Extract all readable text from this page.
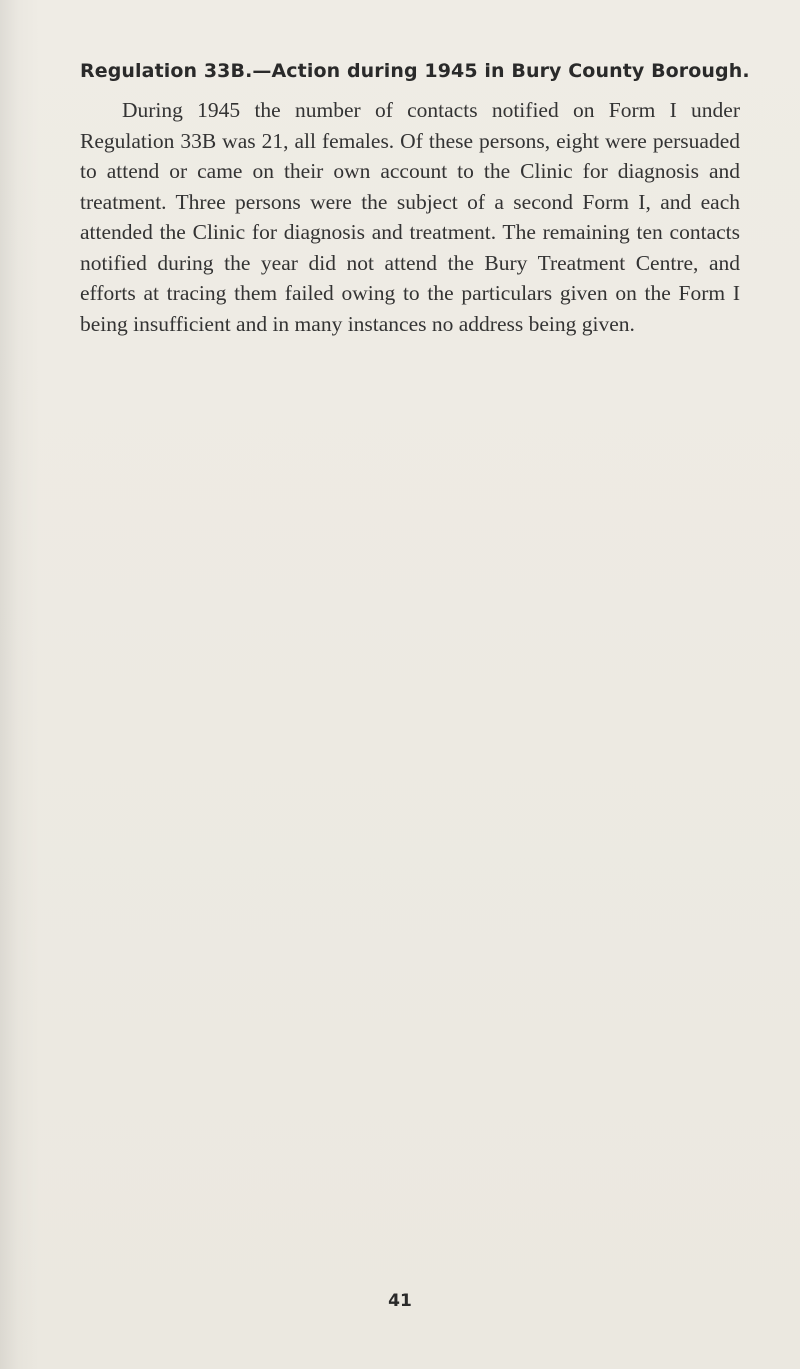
Regulation 33B.—Action during 1945 in Bury County Borough.

During 1945 the number of contacts notified on Form I under Regulation 33B was 21, all females. Of these persons, eight were persuaded to attend or came on their own account to the Clinic for diagnosis and treatment. Three persons were the subject of a second Form I, and each attended the Clinic for diagnosis and treatment. The remaining ten contacts notified during the year did not attend the Bury Treatment Centre, and efforts at tracing them failed owing to the particulars given on the Form I being insufficient and in many instances no address being given.

41
